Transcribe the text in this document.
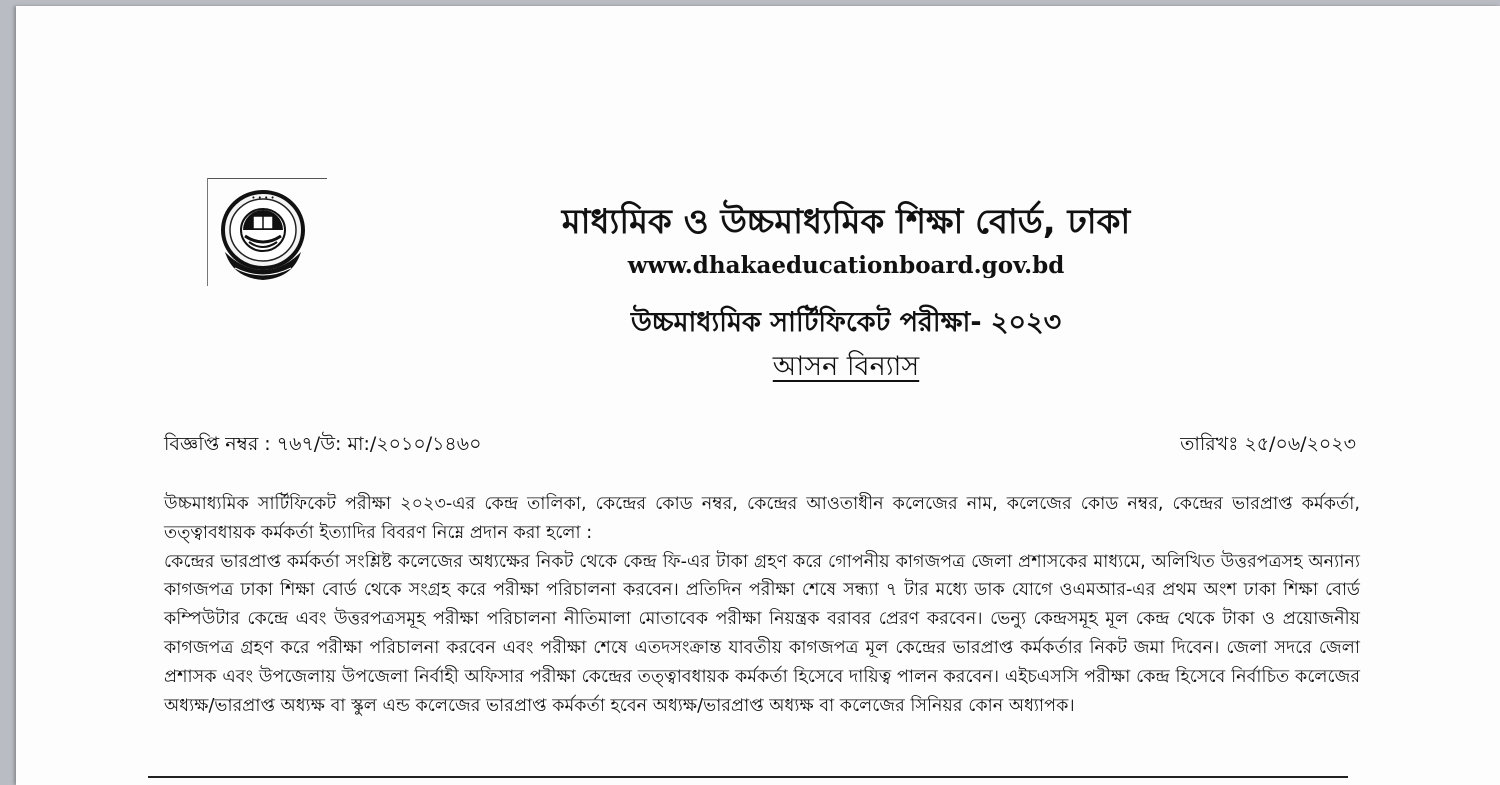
• • • •
মাধ্যমিক ও উচ্চমাধ্যমিক শিক্ষা বোর্ড, ঢাকা
www.dhakaeducationboard.gov.bd
উচ্চমাধ্যমিক সার্টিফিকেট পরীক্ষা- ২০২৩
আসন বিন্যাস
বিজ্ঞপ্তি নম্বর : ৭৬৭/উ: মা:/২০১০/১৪৬০	তারিখঃ ২৫/০৬/২০২৩

উচ্চমাধ্যমিক সার্টিফিকেট পরীক্ষা ২০২৩-এর কেন্দ্র তালিকা, কেন্দ্রের কোড নম্বর, কেন্দ্রের আওতাধীন কলেজের নাম, কলেজের কোড নম্বর, কেন্দ্রের ভারপ্রাপ্ত কর্মকর্তা, তত্ত্বাবধায়ক কর্মকর্তা ইত্যাদির বিবরণ নিম্নে প্রদান করা হলো :

কেন্দ্রের ভারপ্রাপ্ত কর্মকর্তা সংশ্লিষ্ট কলেজের অধ্যক্ষের নিকট থেকে কেন্দ্র ফি-এর টাকা গ্রহণ করে গোপনীয় কাগজপত্র জেলা প্রশাসকের মাধ্যমে, অলিখিত উত্তরপত্রসহ অন্যান্য কাগজপত্র ঢাকা শিক্ষা বোর্ড থেকে সংগ্রহ করে পরীক্ষা পরিচালনা করবেন। প্রতিদিন পরীক্ষা শেষে সন্ধ্যা ৭ টার মধ্যে ডাক যোগে ওএমআর-এর প্রথম অংশ ঢাকা শিক্ষা বোর্ড কম্পিউটার কেন্দ্রে এবং উত্তরপত্রসমূহ পরীক্ষা পরিচালনা নীতিমালা মোতাবেক পরীক্ষা নিয়ন্ত্রক বরাবর প্রেরণ করবেন। ভেন্যু কেন্দ্রসমূহ মূল কেন্দ্র থেকে টাকা ও প্রয়োজনীয় কাগজপত্র গ্রহণ করে পরীক্ষা পরিচালনা করবেন এবং পরীক্ষা শেষে এতদসংক্রান্ত যাবতীয় কাগজপত্র মূল কেন্দ্রের ভারপ্রাপ্ত কর্মকর্তার নিকট জমা দিবেন। জেলা সদরে জেলা প্রশাসক এবং উপজেলায় উপজেলা নির্বাহী অফিসার পরীক্ষা কেন্দ্রের তত্ত্বাবধায়ক কর্মকর্তা হিসেবে দায়িত্ব পালন করবেন। এইচএসসি পরীক্ষা কেন্দ্র হিসেবে নির্বাচিত কলেজের অধ্যক্ষ/ভারপ্রাপ্ত অধ্যক্ষ বা স্কুল এন্ড কলেজের ভারপ্রাপ্ত কর্মকর্তা হবেন অধ্যক্ষ/ভারপ্রাপ্ত অধ্যক্ষ বা কলেজের সিনিয়র কোন অধ্যাপক।
